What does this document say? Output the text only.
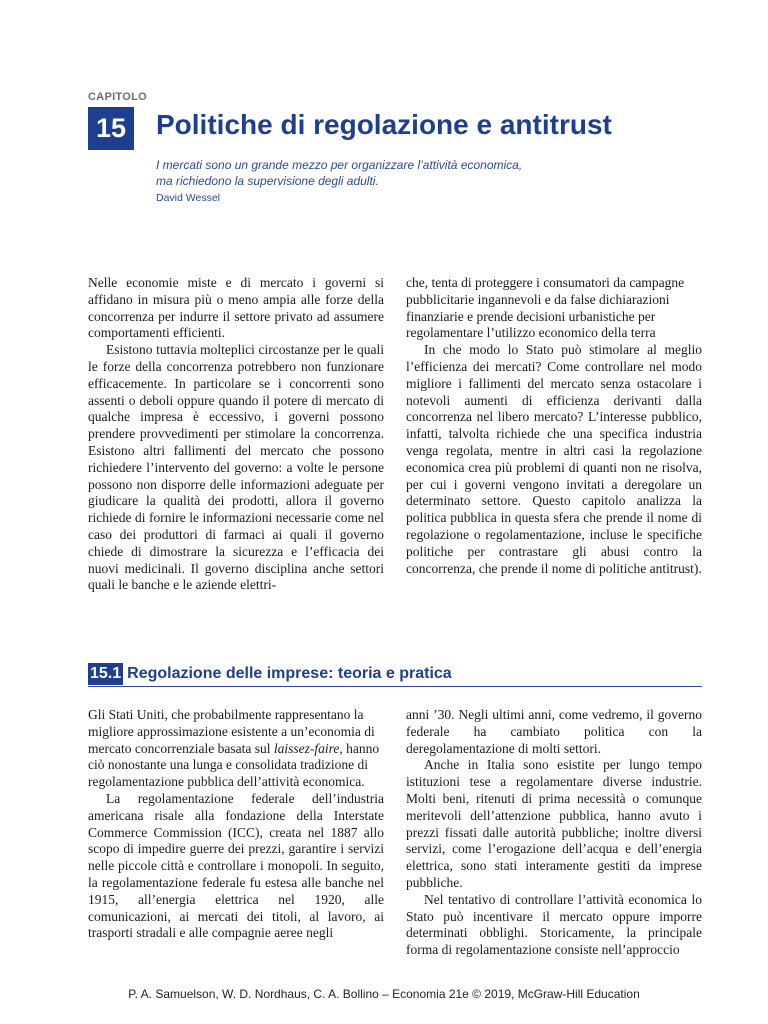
CAPITOLO
15 Politiche di regolazione e antitrust
I mercati sono un grande mezzo per organizzare l’attività economica,
ma richiedono la supervisione degli adulti.
David Wessel

Nelle economie miste e di mercato i governi si affidano in misura più o meno ampia alle forze della concorrenza per indurre il settore privato ad assumere comportamenti efficienti.

Esistono tuttavia molteplici circostanze per le quali le forze della concorrenza potrebbero non funzionare efficacemente. In particolare se i concorrenti sono assenti o deboli oppure quando il potere di mercato di qualche impresa è eccessivo, i governi possono prendere provvedimenti per stimolare la concorrenza. Esistono altri fallimenti del mercato che possono richiedere l’intervento del governo: a volte le persone possono non disporre delle informazioni adeguate per giudicare la qualità dei prodotti, allora il governo richiede di fornire le informazioni necessarie come nel caso dei produttori di farmaci ai quali il governo chiede di dimostrare la sicurezza e l’efficacia dei nuovi medicinali. Il governo disciplina anche settori quali le banche e le aziende elettri-

che, tenta di proteggere i consumatori da campagne pubblicitarie ingannevoli e da false dichiarazioni finanziarie e prende decisioni urbanistiche per regolamentare l’utilizzo economico della terra

In che modo lo Stato può stimolare al meglio l’efficienza dei mercati? Come controllare nel modo migliore i fallimenti del mercato senza ostacolare i notevoli aumenti di efficienza derivanti dalla concorrenza nel libero mercato? L’interesse pubblico, infatti, talvolta richiede che una specifica industria venga regolata, mentre in altri casi la regolazione economica crea più problemi di quanti non ne risolva, per cui i governi vengono invitati a deregolare un determinato settore. Questo capitolo analizza la politica pubblica in questa sfera che prende il nome di regolazione o regolamentazione, incluse le specifiche politiche per contrastare gli abusi contro la concorrenza, che prende il nome di politiche antitrust).

15.1 Regolazione delle imprese: teoria e pratica

Gli Stati Uniti, che probabilmente rappresentano la migliore approssimazione esistente a un’economia di mercato concorrenziale basata sul laissez-faire, hanno ciò nonostante una lunga e consolidata tradizione di regolamentazione pubblica dell’attività economica.

La regolamentazione federale dell’industria americana risale alla fondazione della Interstate Commerce Commission (ICC), creata nel 1887 allo scopo di impedire guerre dei prezzi, garantire i servizi nelle piccole città e controllare i monopoli. In seguito, la regolamentazione federale fu estesa alle banche nel 1915, all’energia elettrica nel 1920, alle comunicazioni, ai mercati dei titoli, al lavoro, ai trasporti stradali e alle compagnie aeree negli

anni ’30. Negli ultimi anni, come vedremo, il governo federale ha cambiato politica con la deregolamentazione di molti settori.

Anche in Italia sono esistite per lungo tempo istituzioni tese a regolamentare diverse industrie. Molti beni, ritenuti di prima necessità o comunque meritevoli dell’attenzione pubblica, hanno avuto i prezzi fissati dalle autorità pubbliche; inoltre diversi servizi, come l’erogazione dell’acqua e dell’energia elettrica, sono stati interamente gestiti da imprese pubbliche.

Nel tentativo di controllare l’attività economica lo Stato può incentivare il mercato oppure imporre determinati obblighi. Storicamente, la principale forma di regolamentazione consiste nell’approccio

P. A. Samuelson, W. D. Nordhaus, C. A. Bollino – Economia 21e © 2019, McGraw-Hill Education
